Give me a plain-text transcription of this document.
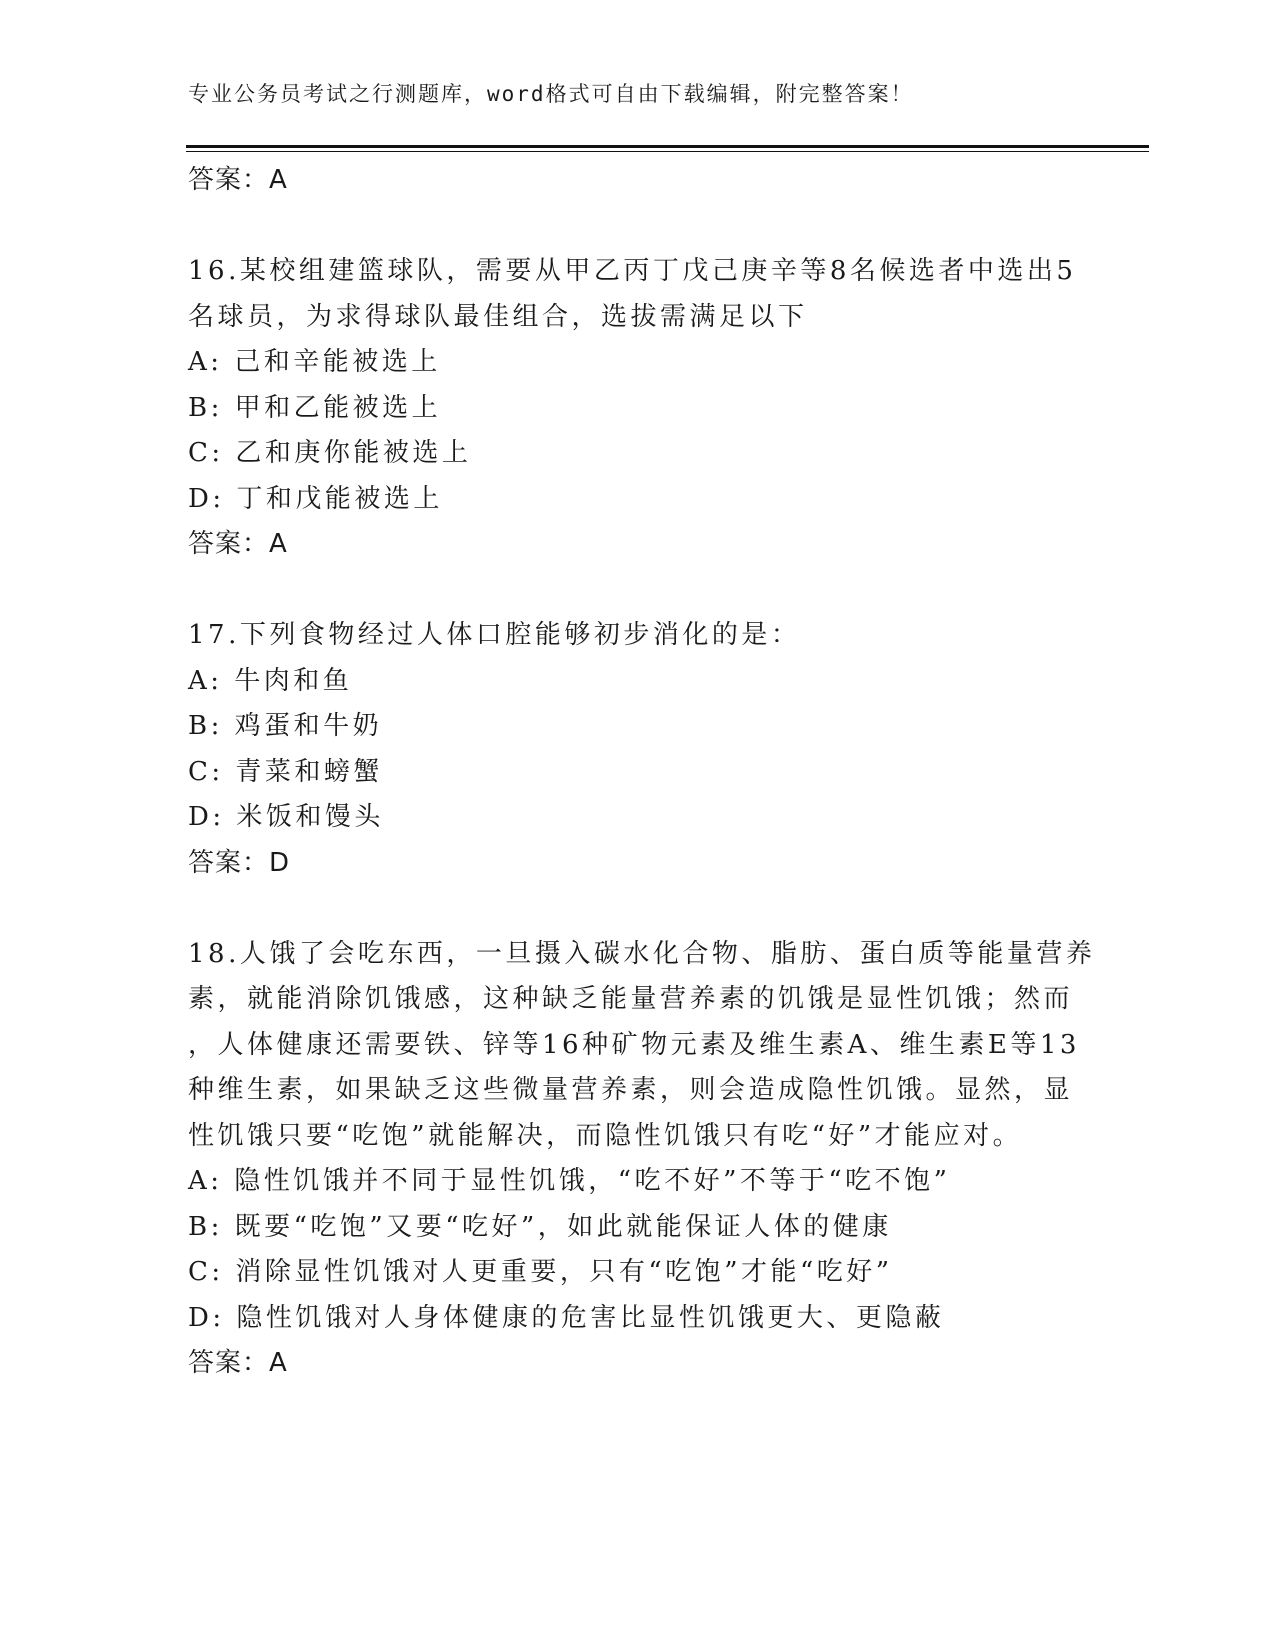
专业公务员考试之行测题库，word格式可自由下载编辑，附完整答案！
答案：A
16.某校组建篮球队，需要从甲乙丙丁戊己庚辛等8名候选者中选出5
名球员，为求得球队最佳组合，选拔需满足以下
A: 己和辛能被选上
B: 甲和乙能被选上
C: 乙和庚你能被选上
D: 丁和戊能被选上
答案：A
17.下列食物经过人体口腔能够初步消化的是：
A: 牛肉和鱼
B: 鸡蛋和牛奶
C: 青菜和螃蟹
D: 米饭和馒头
答案：D
18.人饿了会吃东西，一旦摄入碳水化合物、脂肪、蛋白质等能量营养
素，就能消除饥饿感，这种缺乏能量营养素的饥饿是显性饥饿；然而
，人体健康还需要铁、锌等16种矿物元素及维生素A、维生素E等13
种维生素，如果缺乏这些微量营养素，则会造成隐性饥饿。显然，显
性饥饿只要“吃饱”就能解决，而隐性饥饿只有吃“好”才能应对。
A: 隐性饥饿并不同于显性饥饿，“吃不好”不等于“吃不饱”
B: 既要“吃饱”又要“吃好”，如此就能保证人体的健康
C: 消除显性饥饿对人更重要，只有“吃饱”才能“吃好”
D: 隐性饥饿对人身体健康的危害比显性饥饿更大、更隐蔽
答案：A
